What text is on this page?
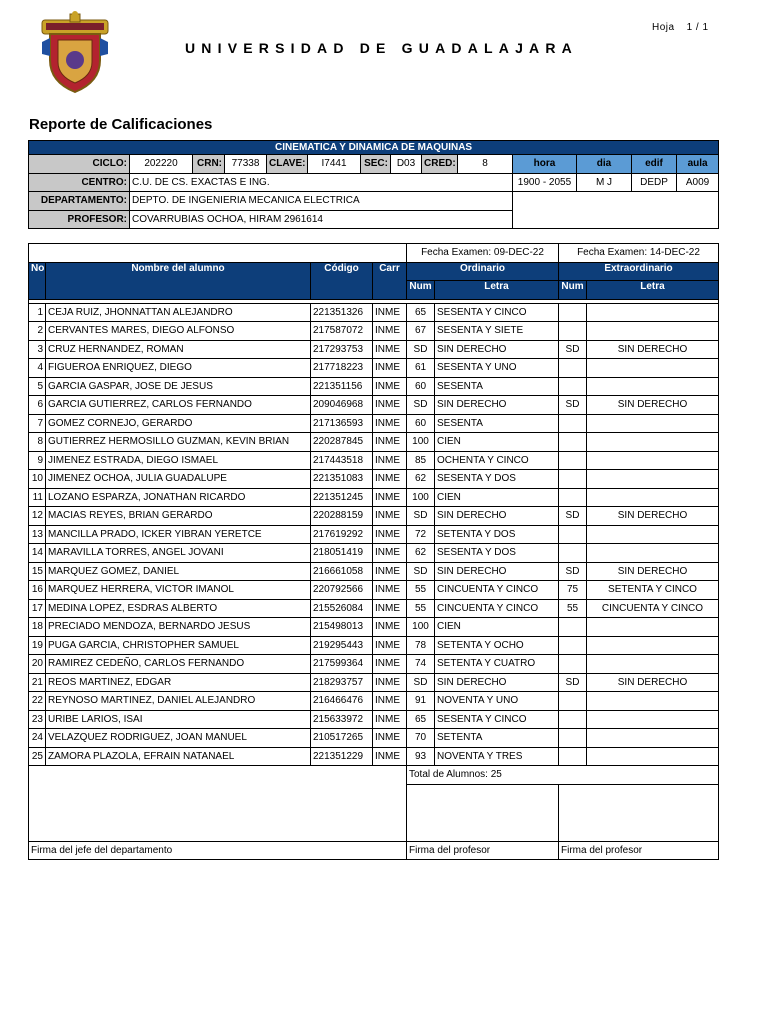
Hoja 1 / 1
UNIVERSIDAD DE GUADALAJARA
Reporte de Calificaciones
CINEMATICA Y DINAMICA DE MAQUINAS													
CICLO:	202220	CRN:	77338	CLAVE:	I7441	SEC:	D03	CRED:	8	hora	dia	edif	aula
CENTRO:	C.U. DE CS. EXACTAS E ING.									1900 - 2055	M J	DEDP	A009
DEPARTAMENTO:	DEPTO. DE INGENIERIA MECANICA ELECTRICA												
PROFESOR:	COVARRUBIAS OCHOA, HIRAM 2961614												
				Fecha Examen: 09-DEC-22		Fecha Examen: 14-DEC-22	
No	Nombre del alumno	Código	Carr	Ordinario		Extraordinario	
				Num	Letra	Num	Letra

1	CEJA RUIZ, JHONNATTAN ALEJANDRO	221351326	INME	65	SESENTA Y CINCO		
2	CERVANTES MARES, DIEGO ALFONSO	217587072	INME	67	SESENTA Y SIETE		
3	CRUZ HERNANDEZ, ROMAN	217293753	INME	SD	SIN DERECHO	SD	SIN DERECHO
4	FIGUEROA ENRIQUEZ, DIEGO	217718223	INME	61	SESENTA Y UNO		
5	GARCIA GASPAR, JOSE DE JESUS	221351156	INME	60	SESENTA		
6	GARCIA GUTIERREZ, CARLOS FERNANDO	209046968	INME	SD	SIN DERECHO	SD	SIN DERECHO
7	GOMEZ CORNEJO, GERARDO	217136593	INME	60	SESENTA		
8	GUTIERREZ HERMOSILLO GUZMAN, KEVIN BRIAN	220287845	INME	100	CIEN		
9	JIMENEZ ESTRADA, DIEGO ISMAEL	217443518	INME	85	OCHENTA Y CINCO		
10	JIMENEZ OCHOA, JULIA GUADALUPE	221351083	INME	62	SESENTA Y DOS		
11	LOZANO ESPARZA, JONATHAN RICARDO	221351245	INME	100	CIEN		
12	MACIAS REYES, BRIAN GERARDO	220288159	INME	SD	SIN DERECHO	SD	SIN DERECHO
13	MANCILLA PRADO, ICKER YIBRAN YERETCE	217619292	INME	72	SETENTA Y DOS		
14	MARAVILLA TORRES, ANGEL JOVANI	218051419	INME	62	SESENTA Y DOS		
15	MARQUEZ GOMEZ, DANIEL	216661058	INME	SD	SIN DERECHO	SD	SIN DERECHO
16	MARQUEZ HERRERA, VICTOR IMANOL	220792566	INME	55	CINCUENTA Y CINCO	75	SETENTA Y CINCO
17	MEDINA LOPEZ, ESDRAS ALBERTO	215526084	INME	55	CINCUENTA Y CINCO	55	CINCUENTA Y CINCO
18	PRECIADO MENDOZA, BERNARDO JESUS	215498013	INME	100	CIEN		
19	PUGA GARCIA, CHRISTOPHER SAMUEL	219295443	INME	78	SETENTA Y OCHO		
20	RAMIREZ CEDEÑO, CARLOS FERNANDO	217599364	INME	74	SETENTA Y CUATRO		
21	REOS MARTINEZ, EDGAR	218293757	INME	SD	SIN DERECHO	SD	SIN DERECHO
22	REYNOSO MARTINEZ, DANIEL ALEJANDRO	216466476	INME	91	NOVENTA Y UNO		
23	URIBE LARIOS, ISAI	215633972	INME	65	SESENTA Y CINCO		
24	VELAZQUEZ RODRIGUEZ, JOAN MANUEL	210517265	INME	70	SETENTA		
25	ZAMORA PLAZOLA, EFRAIN NATANAEL	221351229	INME	93	NOVENTA Y TRES		
				Total de Alumnos: 25			

Firma del jefe del departamento				Firma del profesor		Firma del profesor	
